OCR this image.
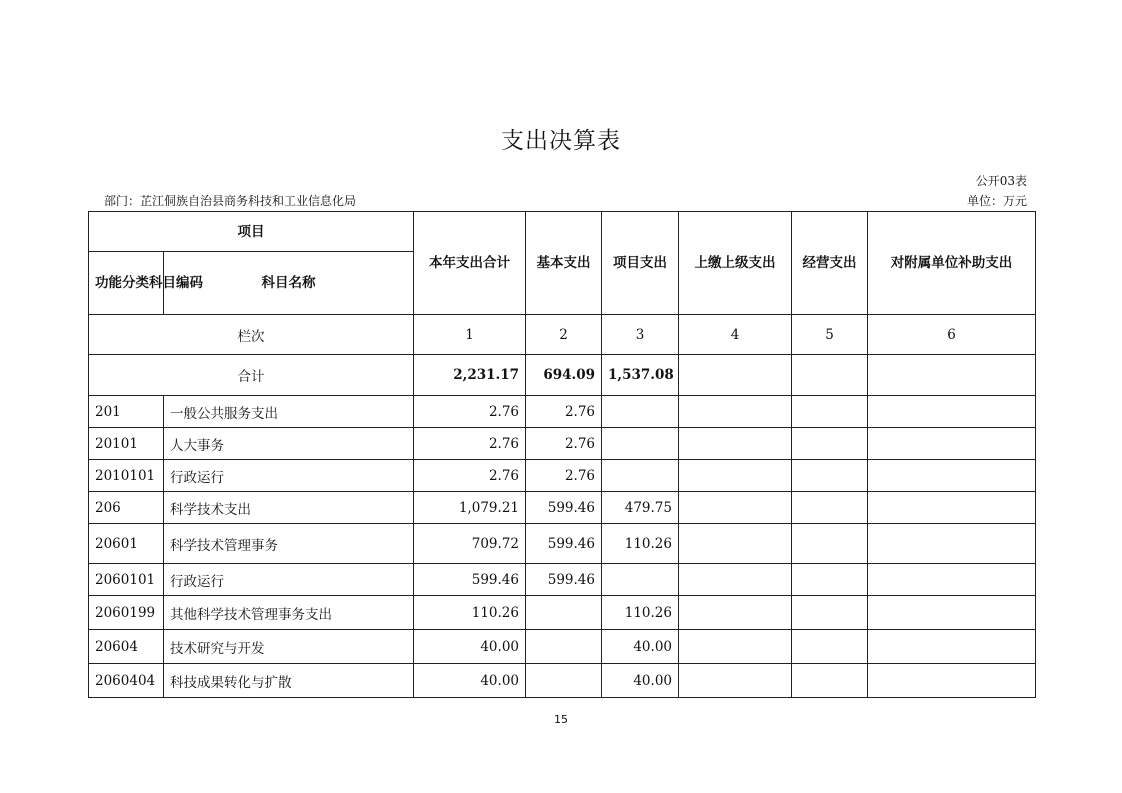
支出决算表
公开03表
部门：芷江侗族自治县商务科技和工业信息化局	单位：万元
项目		本年支出合计	基本支出	项目支出	上缴上级支出	经营支出	对附属单位补助支出
功能分类科目编码	科目名称						
栏次		1	2	3	4	5	6
合计		2,231.17	694.09	1,537.08			
201	一般公共服务支出	2.76	2.76				
20101	人大事务	2.76	2.76				
2010101	行政运行	2.76	2.76				
206	科学技术支出	1,079.21	599.46	479.75			
20601	科学技术管理事务	709.72	599.46	110.26			
2060101	行政运行	599.46	599.46				
2060199	其他科学技术管理事务支出	110.26		110.26			
20604	技术研究与开发	40.00		40.00			
2060404	科技成果转化与扩散	40.00		40.00			
15
